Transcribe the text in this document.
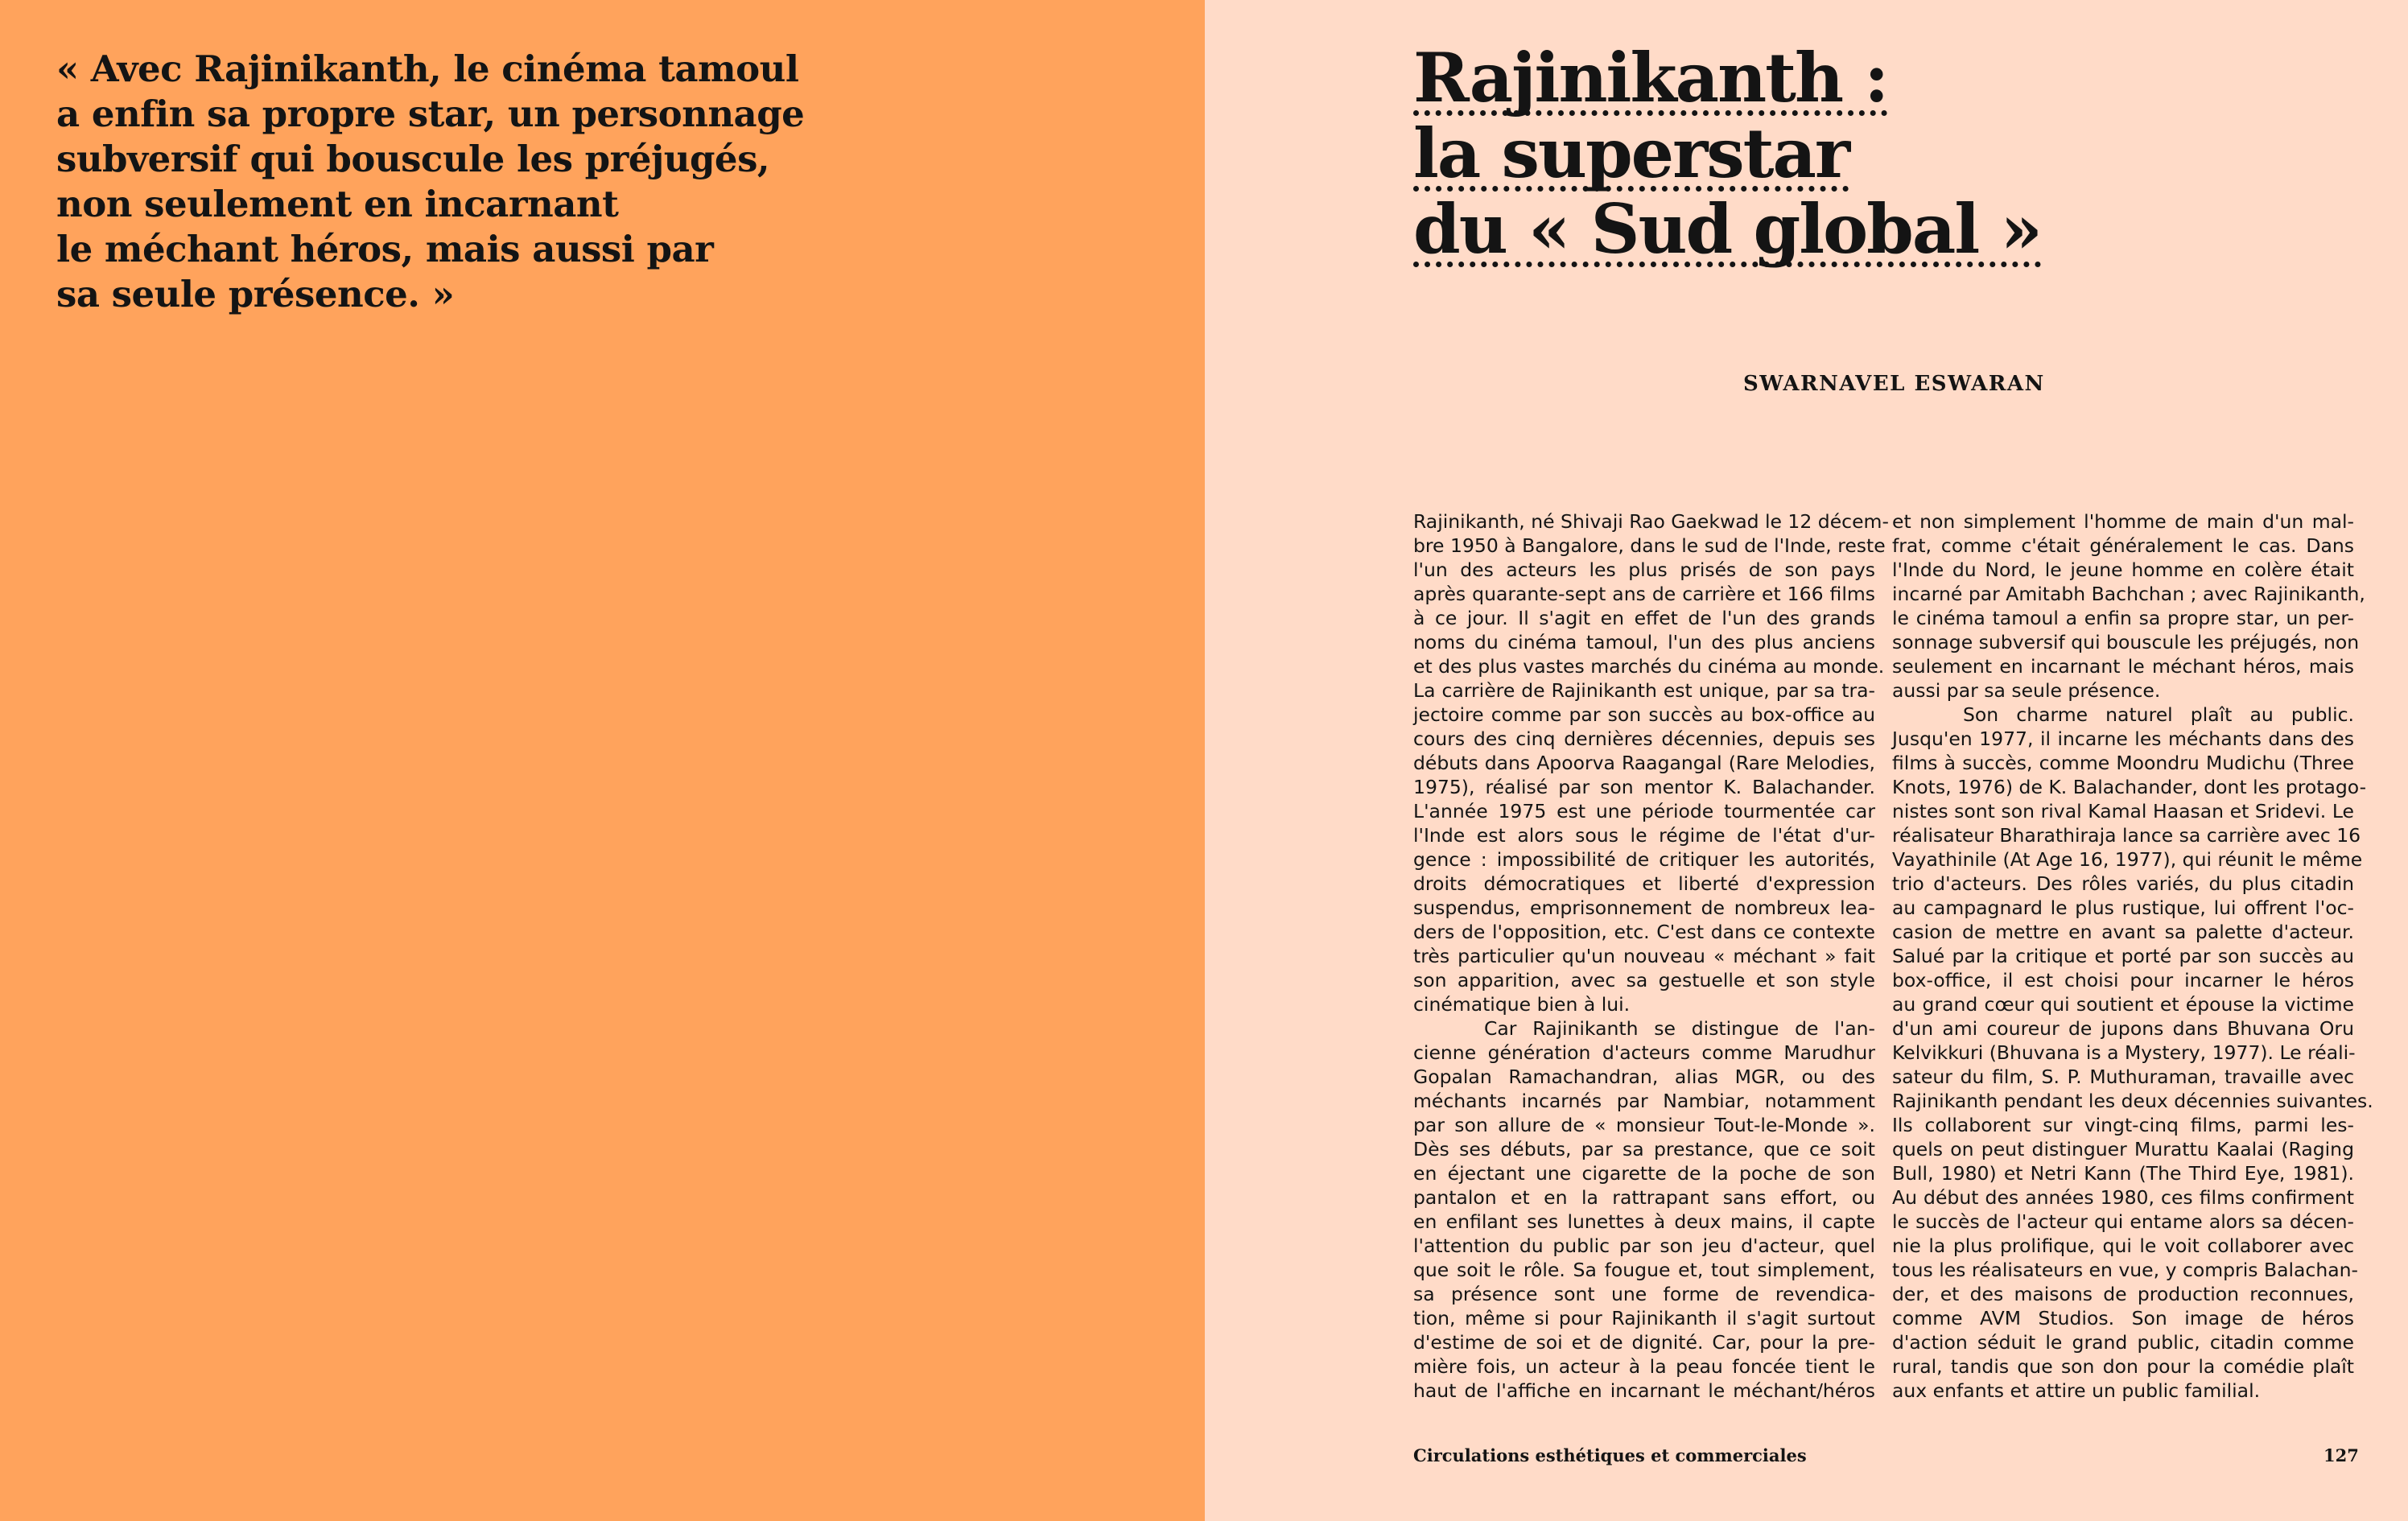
« Avec Rajinikanth, le cinéma tamoul
a enfin sa propre star, un personnage
subversif qui bouscule les préjugés,
non seulement en incarnant
le méchant héros, mais aussi par
sa seule présence. »
Rajinikanth :
la superstar
du « Sud global »

SWARNAVEL ESWARAN

Rajinikanth, né Shivaji Rao Gaekwad le 12 décem-
bre 1950 à Bangalore, dans le sud de l'Inde, reste
l'un des acteurs les plus prisés de son pays
après quarante-sept ans de carrière et 166 films
à ce jour. Il s'agit en effet de l'un des grands
noms du cinéma tamoul, l'un des plus anciens
et des plus vastes marchés du cinéma au monde.
La carrière de Rajinikanth est unique, par sa tra-
jectoire comme par son succès au box-office au
cours des cinq dernières décennies, depuis ses
débuts dans Apoorva Raagangal (Rare Melodies,
1975), réalisé par son mentor K. Balachander.
L'année 1975 est une période tourmentée car
l'Inde est alors sous le régime de l'état d'ur-
gence : impossibilité de critiquer les autorités,
droits démocratiques et liberté d'expression
suspendus, emprisonnement de nombreux lea-
ders de l'opposition, etc. C'est dans ce contexte
très particulier qu'un nouveau « méchant » fait
son apparition, avec sa gestuelle et son style
cinématique bien à lui.
Car Rajinikanth se distingue de l'an-
cienne génération d'acteurs comme Marudhur
Gopalan Ramachandran, alias MGR, ou des
méchants incarnés par Nambiar, notamment
par son allure de « monsieur Tout-le-Monde ».
Dès ses débuts, par sa prestance, que ce soit
en éjectant une cigarette de la poche de son
pantalon et en la rattrapant sans effort, ou
en enfilant ses lunettes à deux mains, il capte
l'attention du public par son jeu d'acteur, quel
que soit le rôle. Sa fougue et, tout simplement,
sa présence sont une forme de revendica-
tion, même si pour Rajinikanth il s'agit surtout
d'estime de soi et de dignité. Car, pour la pre-
mière fois, un acteur à la peau foncée tient le
haut de l'affiche en incarnant le méchant/héros
et non simplement l'homme de main d'un mal-
frat, comme c'était généralement le cas. Dans
l'Inde du Nord, le jeune homme en colère était
incarné par Amitabh Bachchan ; avec Rajinikanth,
le cinéma tamoul a enfin sa propre star, un per-
sonnage subversif qui bouscule les préjugés, non
seulement en incarnant le méchant héros, mais
aussi par sa seule présence.
Son charme naturel plaît au public.
Jusqu'en 1977, il incarne les méchants dans des
films à succès, comme Moondru Mudichu (Three
Knots, 1976) de K. Balachander, dont les protago-
nistes sont son rival Kamal Haasan et Sridevi. Le
réalisateur Bharathiraja lance sa carrière avec 16
Vayathinile (At Age 16, 1977), qui réunit le même
trio d'acteurs. Des rôles variés, du plus citadin
au campagnard le plus rustique, lui offrent l'oc-
casion de mettre en avant sa palette d'acteur.
Salué par la critique et porté par son succès au
box-office, il est choisi pour incarner le héros
au grand cœur qui soutient et épouse la victime
d'un ami coureur de jupons dans Bhuvana Oru
Kelvikkuri (Bhuvana is a Mystery, 1977). Le réali-
sateur du film, S. P. Muthuraman, travaille avec
Rajinikanth pendant les deux décennies suivantes.
Ils collaborent sur vingt-cinq films, parmi les-
quels on peut distinguer Murattu Kaalai (Raging
Bull, 1980) et Netri Kann (The Third Eye, 1981).
Au début des années 1980, ces films confirment
le succès de l'acteur qui entame alors sa décen-
nie la plus prolifique, qui le voit collaborer avec
tous les réalisateurs en vue, y compris Balachan-
der, et des maisons de production reconnues,
comme AVM Studios. Son image de héros
d'action séduit le grand public, citadin comme
rural, tandis que son don pour la comédie plaît
aux enfants et attire un public familial.

Circulations esthétiques et commerciales	127
